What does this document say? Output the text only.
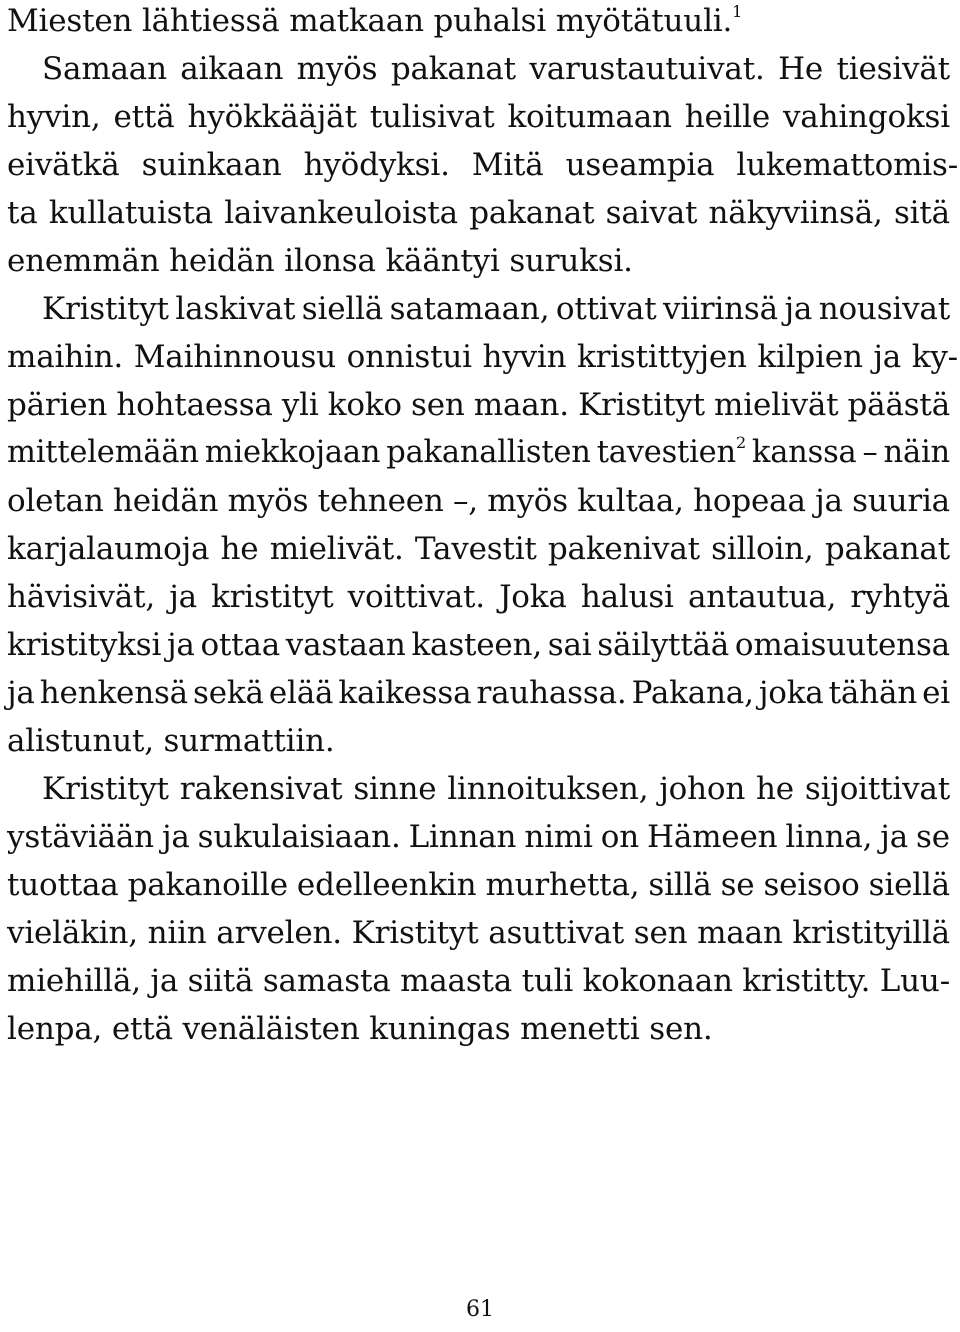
Miesten lähtiessä matkaan puhalsi myötätuuli.$^1$
Samaan aikaan myös pakanat varustautuivat. He tiesivät
hyvin, että hyökkääjät tulisivat koitumaan heille vahingoksi
eivätkä suinkaan hyödyksi. Mitä useampia lukemattomis-
ta kullatuista laivankeuloista pakanat saivat näkyviinsä, sitä
enemmän heidän ilonsa kääntyi suruksi.
Kristityt laskivat siellä satamaan, ottivat viirinsä ja nousivat
maihin. Maihinnousu onnistui hyvin kristittyjen kilpien ja ky-
pärien hohtaessa yli koko sen maan. Kristityt mielivät päästä
mittelemään miekkojaan pakanallisten tavestien$^2$ kanssa – näin
oletan heidän myös tehneen –, myös kultaa, hopeaa ja suuria
karjalaumoja he mielivät. Tavestit pakenivat silloin, pakanat
hävisivät, ja kristityt voittivat. Joka halusi antautua, ryhtyä
kristityksi ja ottaa vastaan kasteen, sai säilyttää omaisuutensa
ja henkensä sekä elää kaikessa rauhassa. Pakana, joka tähän ei
alistunut, surmattiin.
Kristityt rakensivat sinne linnoituksen, johon he sijoittivat
ystäviään ja sukulaisiaan. Linnan nimi on Hämeen linna, ja se
tuottaa pakanoille edelleenkin murhetta, sillä se seisoo siellä
vieläkin, niin arvelen. Kristityt asuttivat sen maan kristityillä
miehillä, ja siitä samasta maasta tuli kokonaan kristitty. Luu-
lenpa, että venäläisten kuningas menetti sen.
61
